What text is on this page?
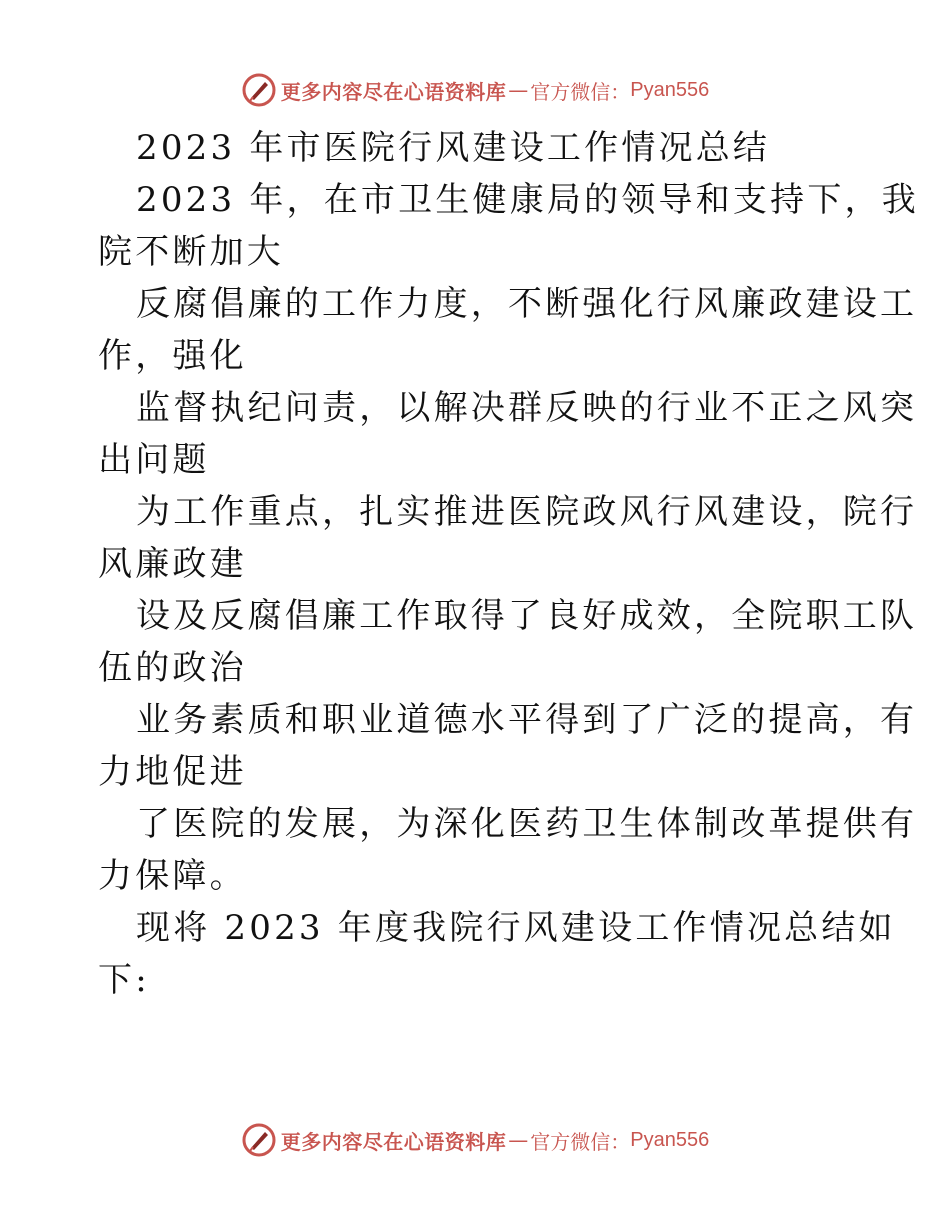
更多内容尽在心语资料库 — 官方微信： Pyan556
2023 年市医院行风建设工作情况总结
2023 年，在市卫生健康局的领导和支持下，我
院不断加大
反腐倡廉的工作力度，不断强化行风廉政建设工
作，强化
监督执纪问责，以解决群反映的行业不正之风突
出问题
为工作重点，扎实推进医院政风行风建设，院行
风廉政建
设及反腐倡廉工作取得了良好成效，全院职工队
伍的政治
业务素质和职业道德水平得到了广泛的提高，有
力地促进
了医院的发展，为深化医药卫生体制改革提供有
力保障。
现将 2023 年度我院行风建设工作情况总结如
下:
更多内容尽在心语资料库 — 官方微信： Pyan556
